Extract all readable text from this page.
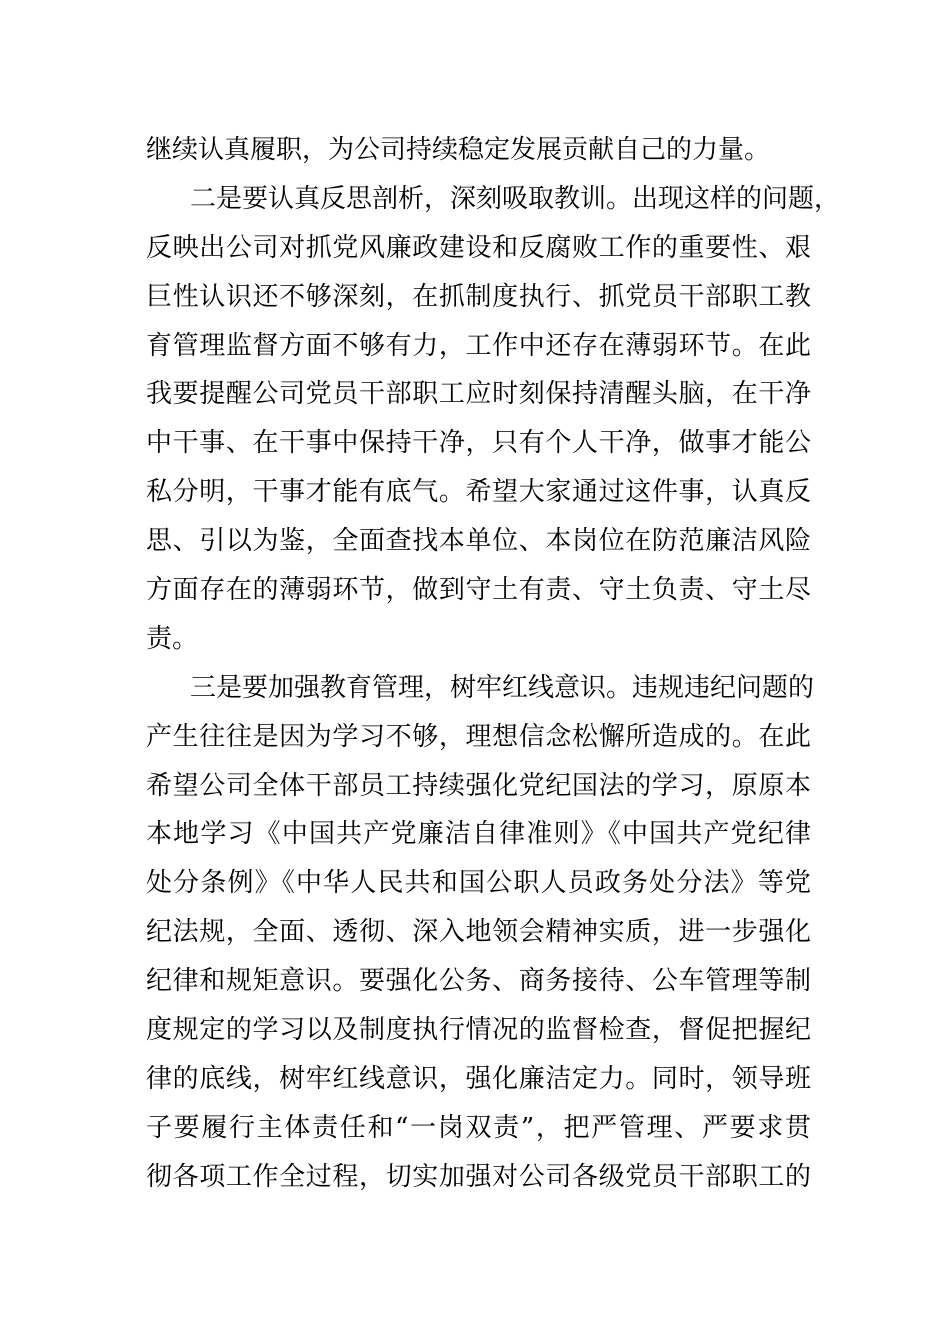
继续认真履职，为公司持续稳定发展贡献自己的力量。
二是要认真反思剖析，深刻吸取教训。出现这样的问题，
反映出公司对抓党风廉政建设和反腐败工作的重要性、艰
巨性认识还不够深刻，在抓制度执行、抓党员干部职工教
育管理监督方面不够有力，工作中还存在薄弱环节。在此
我要提醒公司党员干部职工应时刻保持清醒头脑，在干净
中干事、在干事中保持干净，只有个人干净，做事才能公
私分明，干事才能有底气。希望大家通过这件事，认真反
思、引以为鉴，全面查找本单位、本岗位在防范廉洁风险
方面存在的薄弱环节，做到守土有责、守土负责、守土尽
责。
三是要加强教育管理，树牢红线意识。违规违纪问题的
产生往往是因为学习不够，理想信念松懈所造成的。在此
希望公司全体干部员工持续强化党纪国法的学习，原原本
本地学习《中国共产党廉洁自律准则》《中国共产党纪律
处分条例》《中华人民共和国公职人员政务处分法》等党
纪法规，全面、透彻、深入地领会精神实质，进一步强化
纪律和规矩意识。要强化公务、商务接待、公车管理等制
度规定的学习以及制度执行情况的监督检查，督促把握纪
律的底线，树牢红线意识，强化廉洁定力。同时，领导班
子要履行主体责任和“一岗双责”，把严管理、严要求贯
彻各项工作全过程，切实加强对公司各级党员干部职工的
